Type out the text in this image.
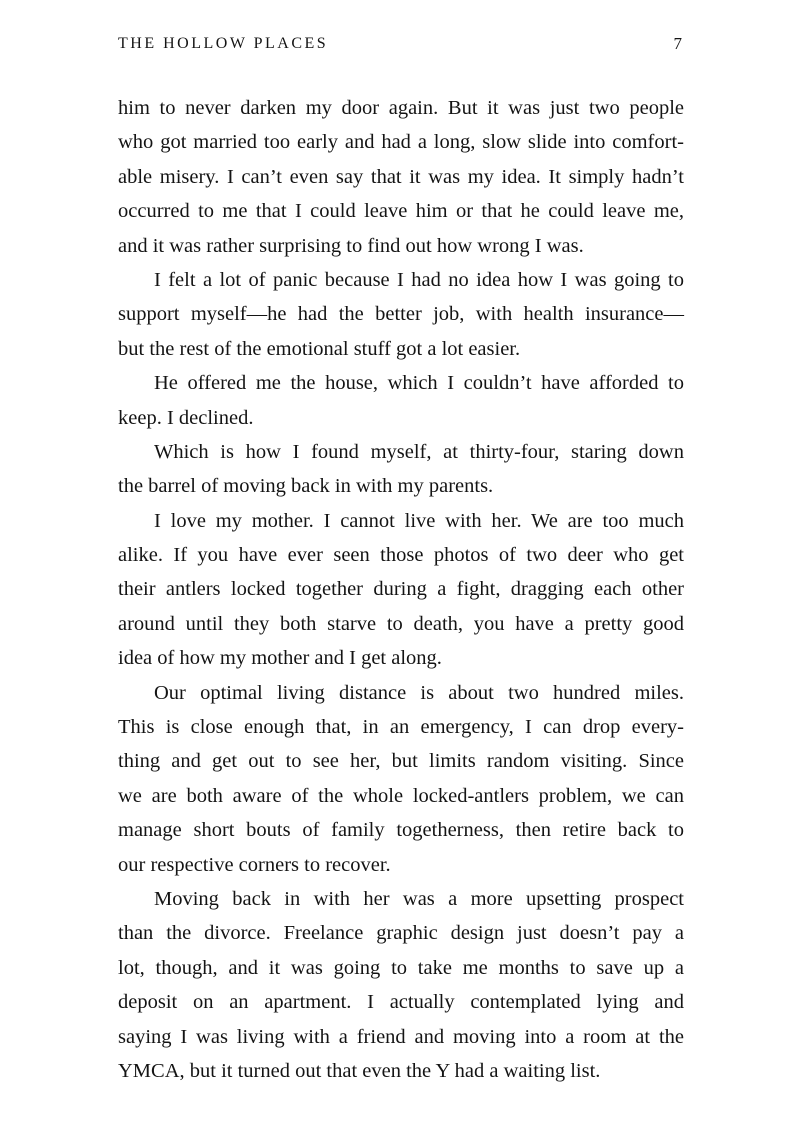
THE HOLLOW PLACES	7
him to never darken my door again. But it was just two people
who got married too early and had a long, slow slide into comfort-
able misery. I can’t even say that it was my idea. It simply hadn’t
occurred to me that I could leave him or that he could leave me,
and it was rather surprising to find out how wrong I was.
I felt a lot of panic because I had no idea how I was going to
support myself—he had the better job, with health insurance—
but the rest of the emotional stuff got a lot easier.
He offered me the house, which I couldn’t have afforded to
keep. I declined.
Which is how I found myself, at thirty-four, staring down
the barrel of moving back in with my parents.
I love my mother. I cannot live with her. We are too much
alike. If you have ever seen those photos of two deer who get
their antlers locked together during a fight, dragging each other
around until they both starve to death, you have a pretty good
idea of how my mother and I get along.
Our optimal living distance is about two hundred miles.
This is close enough that, in an emergency, I can drop every-
thing and get out to see her, but limits random visiting. Since
we are both aware of the whole locked-antlers problem, we can
manage short bouts of family togetherness, then retire back to
our respective corners to recover.
Moving back in with her was a more upsetting prospect
than the divorce. Freelance graphic design just doesn’t pay a
lot, though, and it was going to take me months to save up a
deposit on an apartment. I actually contemplated lying and
saying I was living with a friend and moving into a room at the
YMCA, but it turned out that even the Y had a waiting list.
